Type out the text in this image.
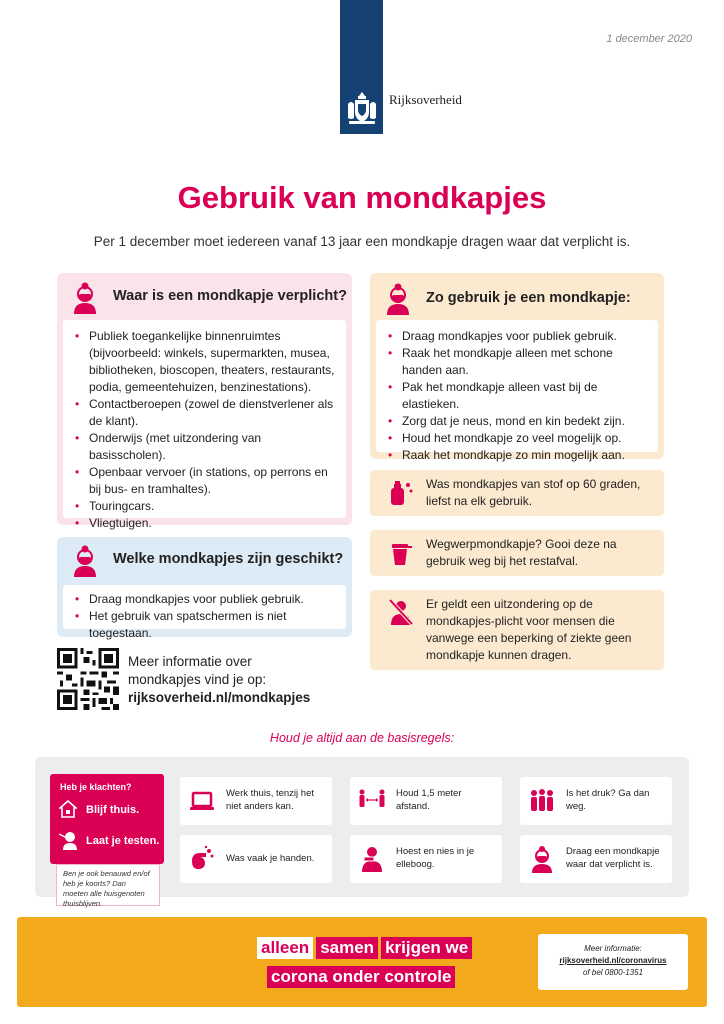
1 december 2020
Rijksoverheid
Gebruik van mondkapjes

Per 1 december moet iedereen vanaf 13 jaar een mondkapje dragen waar dat verplicht is.

Waar is een mondkapje verplicht?
• Publiek toegankelijke binnenruimtes (bijvoorbeeld: winkels, supermarkten, musea, bibliotheken, bioscopen, theaters, restaurants, podia, gemeentehuizen, benzinestations).
• Contactberoepen (zowel de dienstverlener als de klant).
• Onderwijs (met uitzondering van basisscholen).
• Openbaar vervoer (in stations, op perrons en bij bus- en tramhaltes).
• Touringcars.
• Vliegtuigen.
Welke mondkapjes zijn geschikt?
• Draag mondkapjes voor publiek gebruik.
• Het gebruik van spatschermen is niet toegestaan.
Zo gebruik je een mondkapje:
• Draag mondkapjes voor publiek gebruik.
• Raak het mondkapje alleen met schone handen aan.
• Pak het mondkapje alleen vast bij de elastieken.
• Zorg dat je neus, mond en kin bedekt zijn.
• Houd het mondkapje zo veel mogelijk op.
• Raak het mondkapje zo min mogelijk aan.
Was mondkapjes van stof op 60 graden, liefst na elk gebruik.
Wegwerpmondkapje? Gooi deze na gebruik weg bij het restafval.
Er geldt een uitzondering op de mondkapjes-plicht voor mensen die vanwege een beperking of ziekte geen mondkapje kunnen dragen.
Meer informatie over
mondkapjes vind je op:
rijksoverheid.nl/mondkapjes
Houd je altijd aan de basisregels:
Heb je klachten?
Blijf thuis.
Laat je testen.
Ben je ook benauwd en/of heb je koorts? Dan moeten alle huisgenoten thuisblijven.
Werk thuis, tenzij het niet anders kan.
Houd 1,5 meter afstand.
Is het druk? Ga dan weg.
Was vaak je handen.
Hoest en nies in je elleboog.
Draag een mondkapje waar dat verplicht is.
alleen samen krijgen we
corona onder controle
Meer informatie:
rijksoverheid.nl/coronavirus
of bel 0800-1351
